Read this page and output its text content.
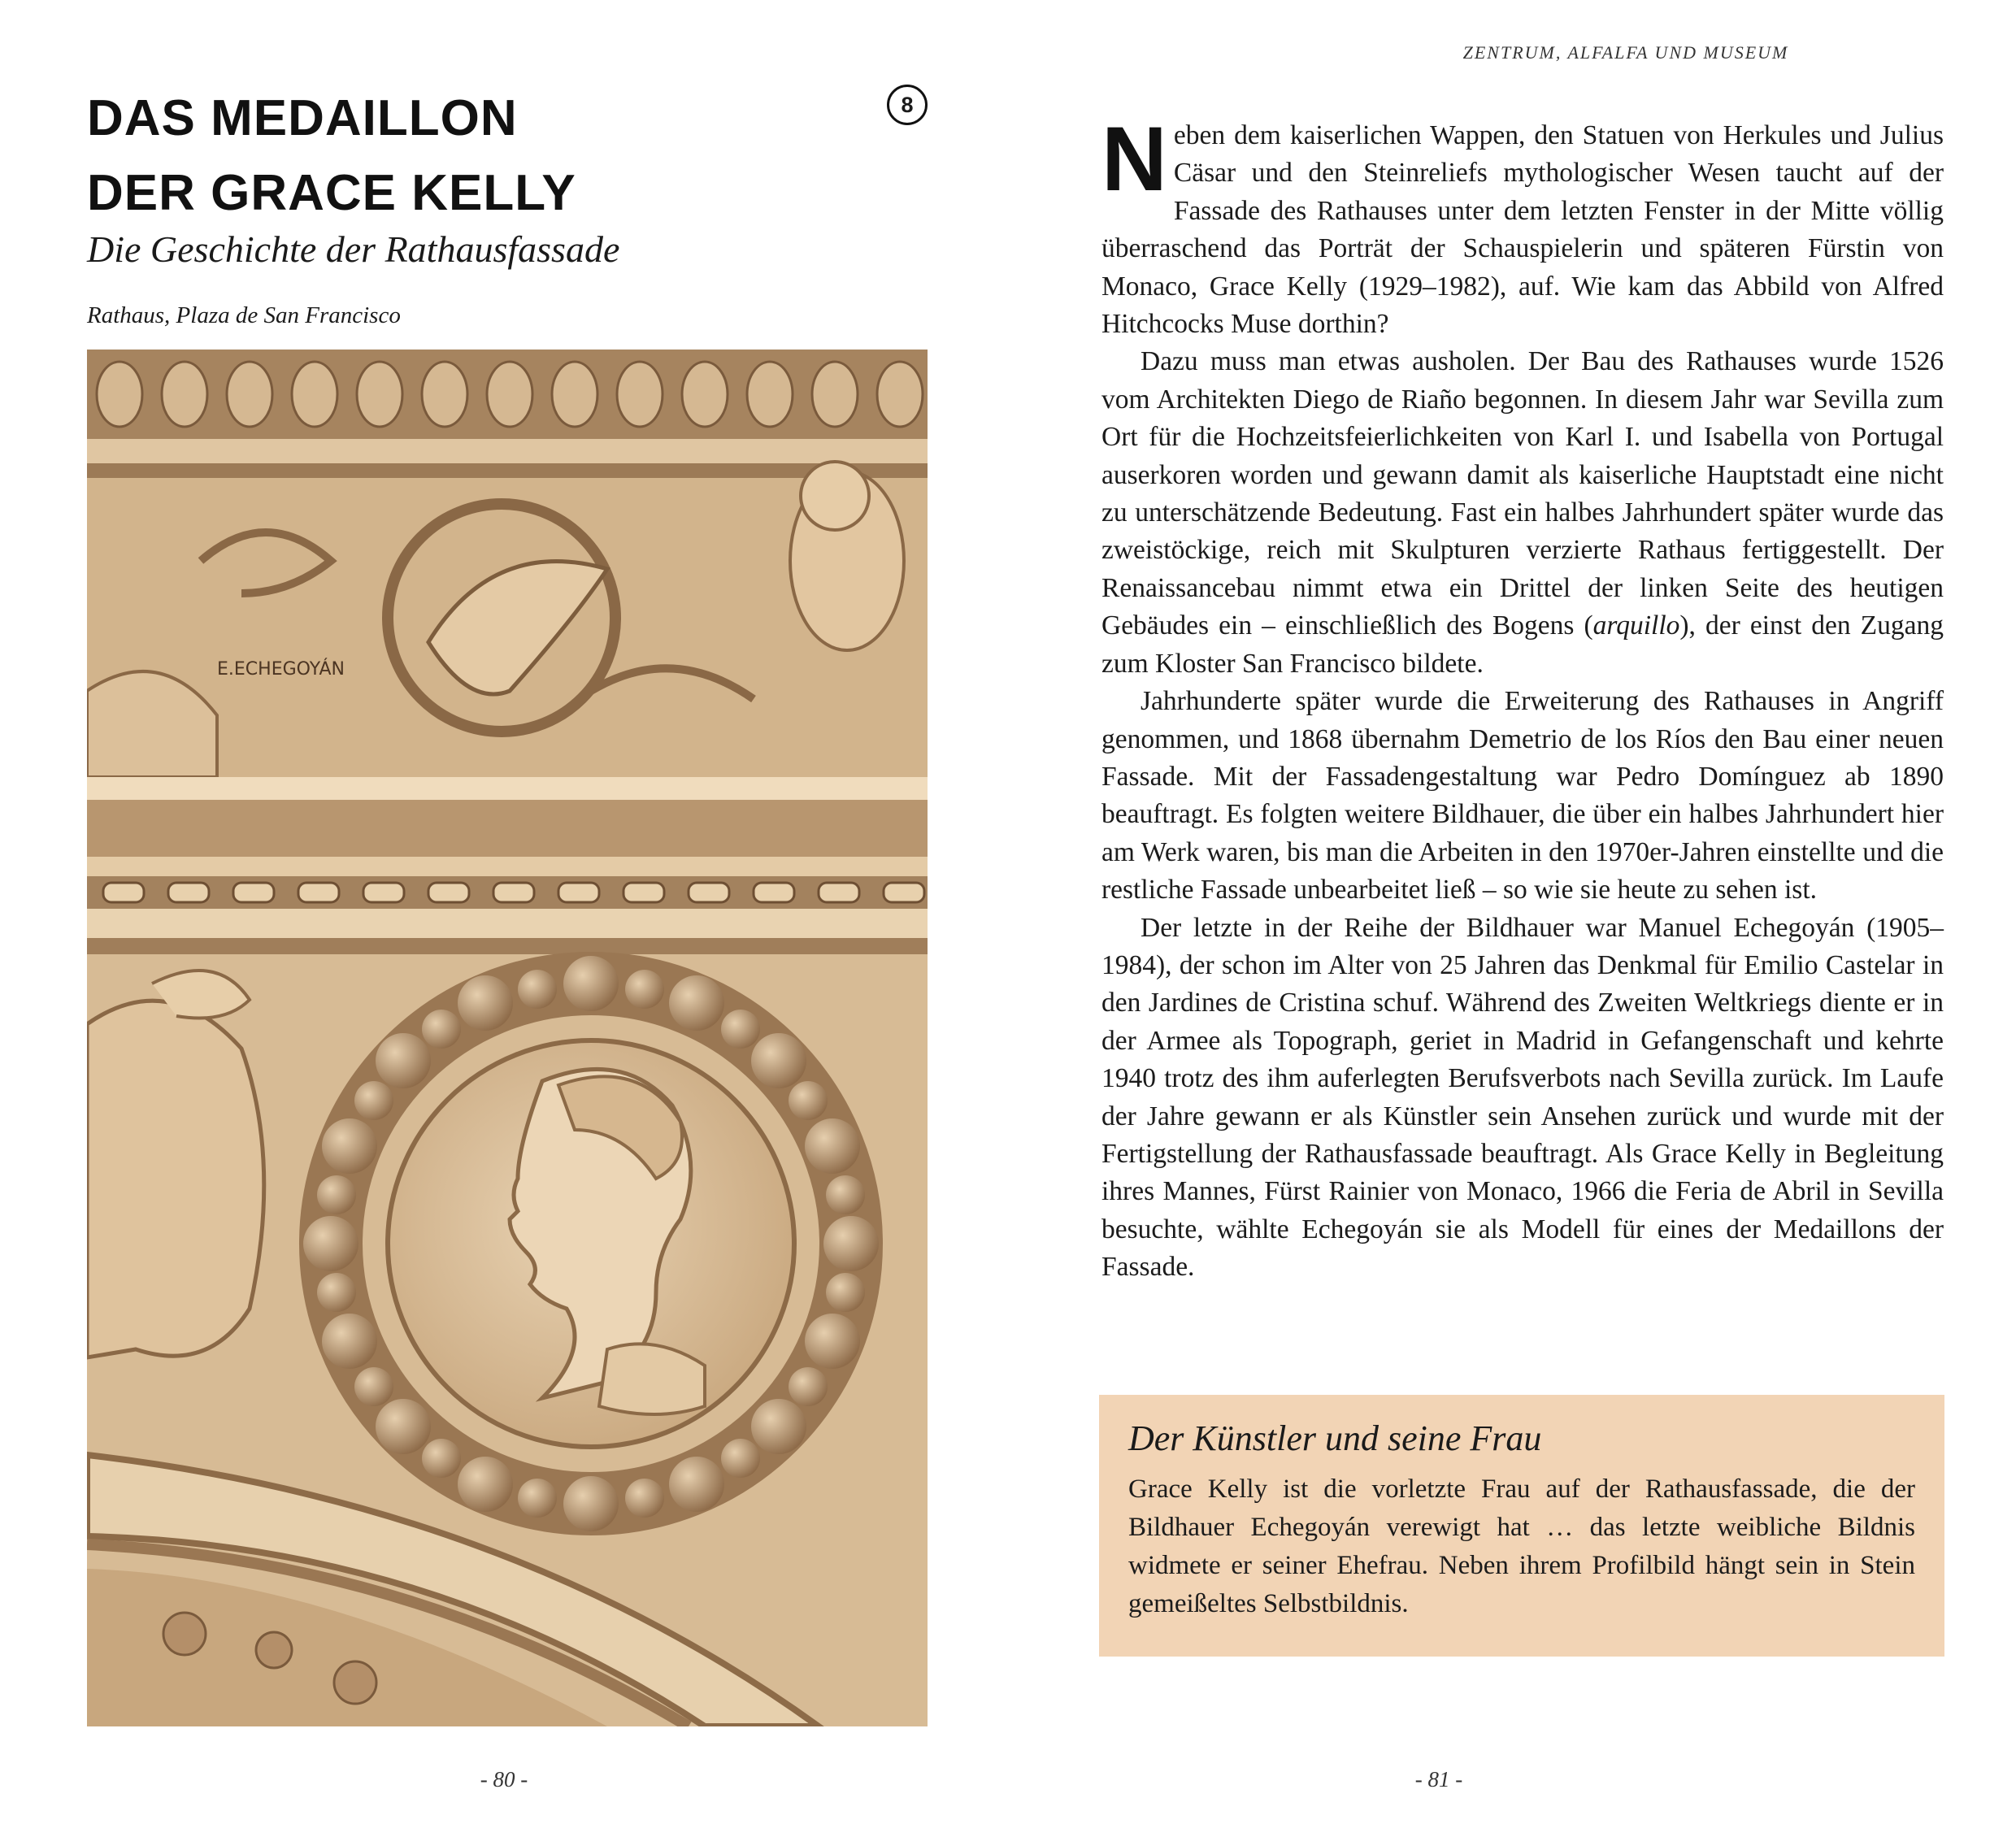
DAS MEDAILLON
DER GRACE KELLY
8
Die Geschichte der Rathausfassade
Rathaus, Plaza de San Francisco
E.ECHEGOYÁN
- 80 -
ZENTRUM, ALFALFA UND MUSEUM

Neben dem kaiserlichen Wappen, den Statuen von Herkules und Julius Cäsar und den Steinreliefs mythologischer Wesen taucht auf der Fassade des Rathauses unter dem letzten Fenster in der Mitte völlig überraschend das Porträt der Schauspielerin und späteren Fürstin von Monaco, Grace Kelly (1929–1982), auf. Wie kam das Abbild von Alfred Hitchcocks Muse dorthin?

Dazu muss man etwas ausholen. Der Bau des Rathauses wurde 1526 vom Architekten Diego de Riaño begonnen. In diesem Jahr war Sevilla zum Ort für die Hochzeitsfeierlichkeiten von Karl I. und Isabella von Portugal auserkoren worden und gewann damit als kaiserliche Hauptstadt eine nicht zu unterschätzende Bedeutung. Fast ein halbes Jahrhundert später wurde das zweistöckige, reich mit Skulpturen verzierte Rathaus fertiggestellt. Der Renaissancebau nimmt etwa ein Drittel der linken Seite des heutigen Gebäudes ein – einschließlich des Bogens (arquillo), der einst den Zugang zum Kloster San Francisco bildete.

Jahrhunderte später wurde die Erweiterung des Rathauses in Angriff genommen, und 1868 übernahm Demetrio de los Ríos den Bau einer neuen Fassade. Mit der Fassadengestaltung war Pedro Domínguez ab 1890 beauftragt. Es folgten weitere Bildhauer, die über ein halbes Jahrhundert hier am Werk waren, bis man die Arbeiten in den 1970er-Jahren einstellte und die restliche Fassade unbearbeitet ließ – so wie sie heute zu sehen ist.

Der letzte in der Reihe der Bildhauer war Manuel Echegoyán (1905–1984), der schon im Alter von 25 Jahren das Denkmal für Emilio Castelar in den Jardines de Cristina schuf. Während des Zweiten Weltkriegs diente er in der Armee als Topograph, geriet in Madrid in Gefangenschaft und kehrte 1940 trotz des ihm auferlegten Berufsverbots nach Sevilla zurück. Im Laufe der Jahre gewann er als Künstler sein Ansehen zurück und wurde mit der Fertigstellung der Rathausfassade beauftragt. Als Grace Kelly in Begleitung ihres Mannes, Fürst Rainier von Monaco, 1966 die Feria de Abril in Sevilla besuchte, wählte Echegoyán sie als Modell für eines der Medaillons der Fassade.

Der Künstler und seine Frau

Grace Kelly ist die vorletzte Frau auf der Rathausfassade, die der Bildhauer Echegoyán verewigt hat … das letzte weibliche Bildnis widmete er seiner Ehefrau. Neben ihrem Profilbild hängt sein in Stein gemeißeltes Selbstbildnis.

- 81 -
